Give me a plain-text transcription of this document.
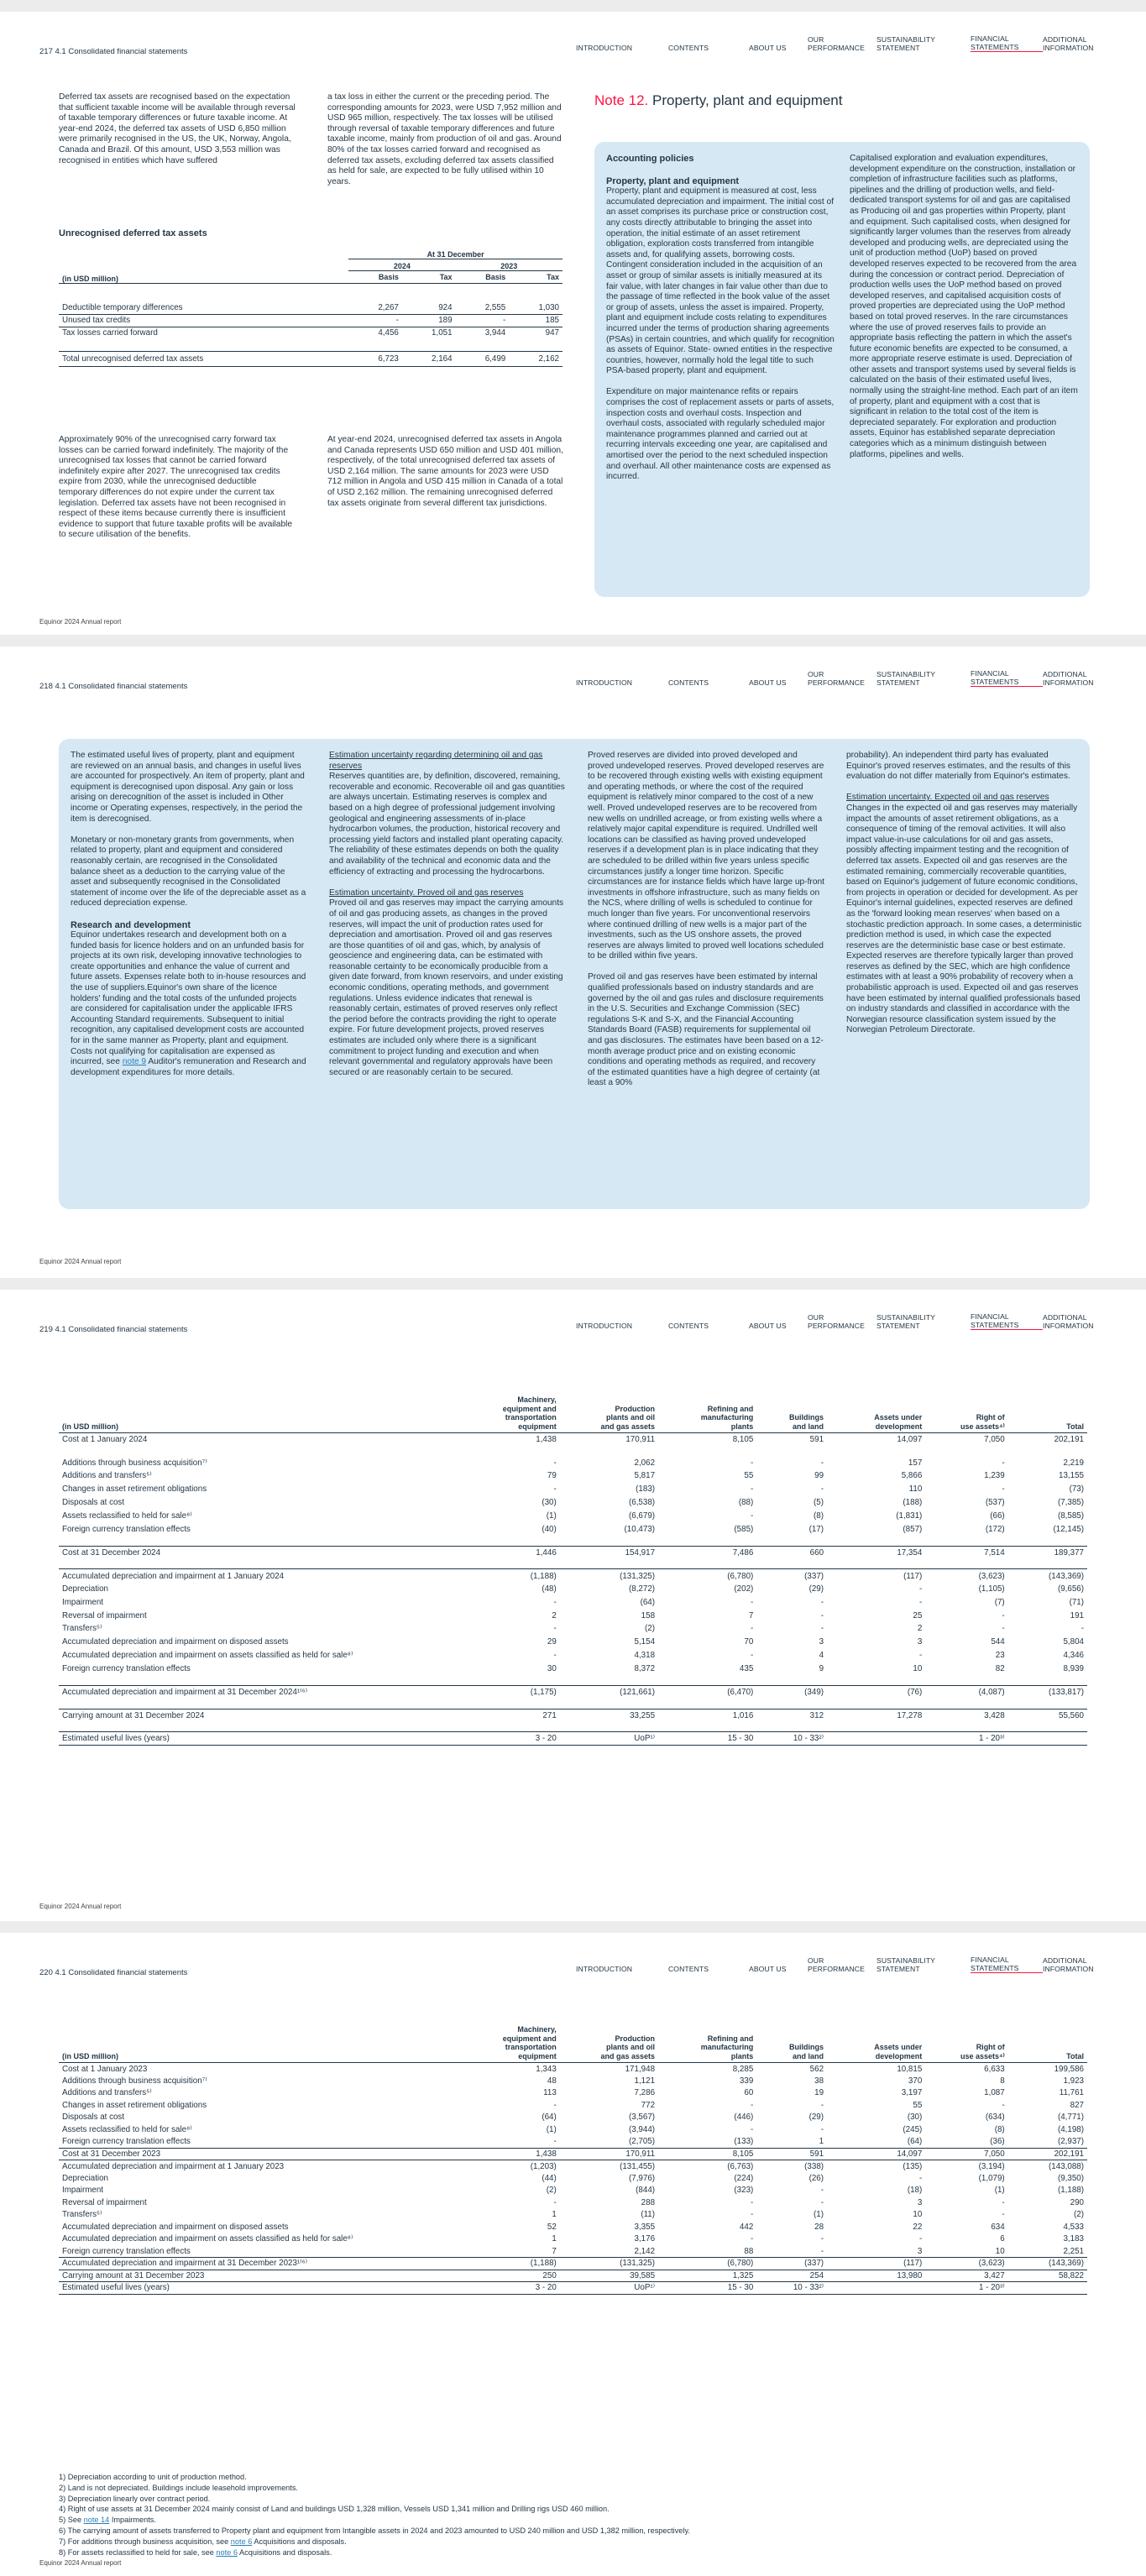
217 4.1 Consolidated financial statements	INTRODUCTION	CONTENTS	ABOUT US
OUR
PERFORMANCE
SUSTAINABILITY
STATEMENT
FINANCIAL
STATEMENTS
ADDITIONAL
INFORMATION
Deferred tax assets are recognised based on the expectation that sufficient taxable income will be available through reversal of taxable temporary differences or future taxable income. At year-end 2024, the deferred tax assets of USD 6,850 million were primarily recognised in the US, the UK, Norway, Angola, Canada and Brazil. Of this amount, USD 3,553 million was recognised in entities which have suffered
a tax loss in either the current or the preceding period. The corresponding amounts for 2023, were USD 7,952 million and USD 965 million, respectively. The tax losses will be utilised through reversal of taxable temporary differences and future taxable income, mainly from production of oil and gas. Around 80% of the tax losses carried forward and recognised as deferred tax assets, excluding deferred tax assets classified as held for sale, are expected to be fully utilised within 10 years.
Unrecognised deferred tax assets
	At 31 December			
	2024		2023	
(in USD million)	Basis	Tax	Basis	Tax

Deductible temporary differences	2,267	924	2,555	1,030
Unused tax credits	-	189	-	185
Tax losses carried forward	4,456	1,051	3,944	947

Total unrecognised deferred tax assets	6,723	2,164	6,499	2,162
Approximately 90% of the unrecognised carry forward tax losses can be carried forward indefinitely. The majority of the unrecognised tax losses that cannot be carried forward indefinitely expire after 2027. The unrecognised tax credits expire from 2030, while the unrecognised deductible temporary differences do not expire under the current tax legislation. Deferred tax assets have not been recognised in respect of these items because currently there is insufficient evidence to support that future taxable profits will be available to secure utilisation of the benefits.
At year-end 2024, unrecognised deferred tax assets in Angola and Canada represents USD 650 million and USD 401 million, respectively, of the total unrecognised deferred tax assets of USD 2,164 million. The same amounts for 2023 were USD 712 million in Angola and USD 415 million in Canada of a total of USD 2,162 million. The remaining unrecognised deferred tax assets originate from several different tax jurisdictions.
Note 12. Property, plant and equipment
Accounting policies
Property, plant and equipment

Property, plant and equipment is measured at cost, less accumulated depreciation and impairment. The initial cost of an asset comprises its purchase price or construction cost, any costs directly attributable to bringing the asset into operation, the initial estimate of an asset retirement obligation, exploration costs transferred from intangible assets and, for qualifying assets, borrowing costs. Contingent consideration included in the acquisition of an asset or group of similar assets is initially measured at its fair value, with later changes in fair value other than due to the passage of time reflected in the book value of the asset or group of assets, unless the asset is impaired. Property, plant and equipment include costs relating to expenditures incurred under the terms of production sharing agreements (PSAs) in certain countries, and which qualify for recognition as assets of Equinor. State- owned entities in the respective countries, however, normally hold the legal title to such PSA-based property, plant and equipment.

Expenditure on major maintenance refits or repairs comprises the cost of replacement assets or parts of assets, inspection costs and overhaul costs. Inspection and overhaul costs, associated with regularly scheduled major maintenance programmes planned and carried out at recurring intervals exceeding one year, are capitalised and amortised over the period to the next scheduled inspection and overhaul. All other maintenance costs are expensed as incurred.

Capitalised exploration and evaluation expenditures, development expenditure on the construction, installation or completion of infrastructure facilities such as platforms, pipelines and the drilling of production wells, and field-dedicated transport systems for oil and gas are capitalised as Producing oil and gas properties within Property, plant and equipment. Such capitalised costs, when designed for significantly larger volumes than the reserves from already developed and producing wells, are depreciated using the unit of production method (UoP) based on proved developed reserves expected to be recovered from the area during the concession or contract period. Depreciation of production wells uses the UoP method based on proved developed reserves, and capitalised acquisition costs of proved properties are depreciated using the UoP method based on total proved reserves. In the rare circumstances where the use of proved reserves fails to provide an appropriate basis reflecting the pattern in which the asset's future economic benefits are expected to be consumed, a more appropriate reserve estimate is used. Depreciation of other assets and transport systems used by several fields is calculated on the basis of their estimated useful lives, normally using the straight-line method. Each part of an item of property, plant and equipment with a cost that is significant in relation to the total cost of the item is depreciated separately. For exploration and production assets, Equinor has established separate depreciation categories which as a minimum distinguish between platforms, pipelines and wells.

Equinor 2024 Annual report
218 4.1 Consolidated financial statements	INTRODUCTION	CONTENTS	ABOUT US
OUR
PERFORMANCE
SUSTAINABILITY
STATEMENT
FINANCIAL
STATEMENTS
ADDITIONAL
INFORMATION

The estimated useful lives of property, plant and equipment are reviewed on an annual basis, and changes in useful lives are accounted for prospectively. An item of property, plant and equipment is derecognised upon disposal. Any gain or loss arising on derecognition of the asset is included in Other income or Operating expenses, respectively, in the period the item is derecognised.

Monetary or non-monetary grants from governments, when related to property, plant and equipment and considered reasonably certain, are recognised in the Consolidated balance sheet as a deduction to the carrying value of the asset and subsequently recognised in the Consolidated statement of income over the life of the depreciable asset as a reduced depreciation expense.

Research and development

Equinor undertakes research and development both on a funded basis for licence holders and on an unfunded basis for projects at its own risk, developing innovative technologies to create opportunities and enhance the value of current and future assets. Expenses relate both to in-house resources and the use of suppliers.Equinor's own share of the licence holders' funding and the total costs of the unfunded projects are considered for capitalisation under the applicable IFRS Accounting Standard requirements. Subsequent to initial recognition, any capitalised development costs are accounted for in the same manner as Property, plant and equipment. Costs not qualifying for capitalisation are expensed as incurred, see note 9 Auditor's remuneration and Research and development expenditures for more details.

Estimation uncertainty regarding determining oil and gas reserves

Reserves quantities are, by definition, discovered, remaining, recoverable and economic. Recoverable oil and gas quantities are always uncertain. Estimating reserves is complex and based on a high degree of professional judgement involving geological and engineering assessments of in-place hydrocarbon volumes, the production, historical recovery and processing yield factors and installed plant operating capacity. The reliability of these estimates depends on both the quality and availability of the technical and economic data and the efficiency of extracting and processing the hydrocarbons.

Estimation uncertainty. Proved oil and gas reserves

Proved oil and gas reserves may impact the carrying amounts of oil and gas producing assets, as changes in the proved reserves, will impact the unit of production rates used for depreciation and amortisation. Proved oil and gas reserves are those quantities of oil and gas, which, by analysis of geoscience and engineering data, can be estimated with reasonable certainty to be economically producible from a given date forward, from known reservoirs, and under existing economic conditions, operating methods, and government regulations. Unless evidence indicates that renewal is reasonably certain, estimates of proved reserves only reflect the period before the contracts providing the right to operate expire. For future development projects, proved reserves estimates are included only where there is a significant commitment to project funding and execution and when relevant governmental and regulatory approvals have been secured or are reasonably certain to be secured.

Proved reserves are divided into proved developed and proved undeveloped reserves. Proved developed reserves are to be recovered through existing wells with existing equipment and operating methods, or where the cost of the required equipment is relatively minor compared to the cost of a new well. Proved undeveloped reserves are to be recovered from new wells on undrilled acreage, or from existing wells where a relatively major capital expenditure is required. Undrilled well locations can be classified as having proved undeveloped reserves if a development plan is in place indicating that they are scheduled to be drilled within five years unless specific circumstances justify a longer time horizon. Specific circumstances are for instance fields which have large up-front investments in offshore infrastructure, such as many fields on the NCS, where drilling of wells is scheduled to continue for much longer than five years. For unconventional reservoirs where continued drilling of new wells is a major part of the investments, such as the US onshore assets, the proved reserves are always limited to proved well locations scheduled to be drilled within five years.

Proved oil and gas reserves have been estimated by internal qualified professionals based on industry standards and are governed by the oil and gas rules and disclosure requirements in the U.S. Securities and Exchange Commission (SEC) regulations S-K and S-X, and the Financial Accounting Standards Board (FASB) requirements for supplemental oil and gas disclosures. The estimates have been based on a 12-month average product price and on existing economic conditions and operating methods as required, and recovery of the estimated quantities have a high degree of certainty (at least a 90%

probability). An independent third party has evaluated Equinor's proved reserves estimates, and the results of this evaluation do not differ materially from Equinor's estimates.

Estimation uncertainty. Expected oil and gas reserves

Changes in the expected oil and gas reserves may materially impact the amounts of asset retirement obligations, as a consequence of timing of the removal activities. It will also impact value-in-use calculations for oil and gas assets, possibly affecting impairment testing and the recognition of deferred tax assets. Expected oil and gas reserves are the estimated remaining, commercially recoverable quantities, based on Equinor's judgement of future economic conditions, from projects in operation or decided for development. As per Equinor's internal guidelines, expected reserves are defined as the 'forward looking mean reserves' when based on a stochastic prediction approach. In some cases, a deterministic prediction method is used, in which case the expected reserves are the deterministic base case or best estimate. Expected reserves are therefore typically larger than proved reserves as defined by the SEC, which are high confidence estimates with at least a 90% probability of recovery when a probabilistic approach is used. Expected oil and gas reserves have been estimated by internal qualified professionals based on industry standards and classified in accordance with the Norwegian resource classification system issued by the Norwegian Petroleum Directorate.

Equinor 2024 Annual report
219 4.1 Consolidated financial statements	INTRODUCTION	CONTENTS	ABOUT US
OUR
PERFORMANCE
SUSTAINABILITY
STATEMENT
FINANCIAL
STATEMENTS
ADDITIONAL
INFORMATION
(in USD million)	Machinery,
equipment and
transportation
equipment	Production
plants and oil
and gas assets	Refining and
manufacturing
plants	Buildings
and land	Assets under
development	Right of
use assets⁴⁾	Total
Cost at 1 January 2024	1,438	170,911	8,105	591	14,097	7,050	202,191

Additions through business acquisition⁷⁾	-	2,062	-	-	157	-	2,219
Additions and transfers⁵⁾	79	5,817	55	99	5,866	1,239	13,155
Changes in asset retirement obligations	-	(183)	-	-	110	-	(73)
Disposals at cost	(30)	(6,538)	(88)	(5)	(188)	(537)	(7,385)
Assets reclassified to held for sale⁸⁾	(1)	(6,679)	-	(8)	(1,831)	(66)	(8,585)
Foreign currency translation effects	(40)	(10,473)	(585)	(17)	(857)	(172)	(12,145)

Cost at 31 December 2024	1,446	154,917	7,486	660	17,354	7,514	189,377

Accumulated depreciation and impairment at 1 January 2024	(1,188)	(131,325)	(6,780)	(337)	(117)	(3,623)	(143,369)
Depreciation	(48)	(8,272)	(202)	(29)	-	(1,105)	(9,656)
Impairment	-	(64)	-	-	-	(7)	(71)
Reversal of impairment	2	158	7	-	25	-	191
Transfers⁵⁾	-	(2)	-	-	2	-	-
Accumulated depreciation and impairment on disposed assets	29	5,154	70	3	3	544	5,804
Accumulated depreciation and impairment on assets classified as held for sale⁸⁾	-	4,318	-	4	-	23	4,346
Foreign currency translation effects	30	8,372	435	9	10	82	8,939

Accumulated depreciation and impairment at 31 December 2024¹⁾⁶⁾	(1,175)	(121,661)	(6,470)	(349)	(76)	(4,087)	(133,817)

Carrying amount at 31 December 2024	271	33,255	1,016	312	17,278	3,428	55,560

Estimated useful lives (years)	3 - 20	UoP¹⁾	15 - 30	10 - 33²⁾		1 - 20³⁾	
Equinor 2024 Annual report
220 4.1 Consolidated financial statements	INTRODUCTION	CONTENTS	ABOUT US
OUR
PERFORMANCE
SUSTAINABILITY
STATEMENT
FINANCIAL
STATEMENTS
ADDITIONAL
INFORMATION
(in USD million)	Machinery,
equipment and
transportation
equipment	Production
plants and oil
and gas assets	Refining and
manufacturing
plants	Buildings
and land	Assets under
development	Right of
use assets⁴⁾	Total
Cost at 1 January 2023	1,343	171,948	8,285	562	10,815	6,633	199,586
Additions through business acquisition⁷⁾	48	1,121	339	38	370	8	1,923
Additions and transfers⁵⁾	113	7,286	60	19	3,197	1,087	11,761
Changes in asset retirement obligations	-	772	-	-	55	-	827
Disposals at cost	(64)	(3,567)	(446)	(29)	(30)	(634)	(4,771)
Assets reclassified to held for sale⁸⁾	(1)	(3,944)	-	-	(245)	(8)	(4,198)
Foreign currency translation effects	-	(2,705)	(133)	1	(64)	(36)	(2,937)
Cost at 31 December 2023	1,438	170,911	8,105	591	14,097	7,050	202,191
Accumulated depreciation and impairment at 1 January 2023	(1,203)	(131,455)	(6,763)	(338)	(135)	(3,194)	(143,088)
Depreciation	(44)	(7,976)	(224)	(26)	-	(1,079)	(9,350)
Impairment	(2)	(844)	(323)	-	(18)	(1)	(1,188)
Reversal of impairment	-	288	-	-	3	-	290
Transfers⁵⁾	1	(11)	-	(1)	10	-	(2)
Accumulated depreciation and impairment on disposed assets	52	3,355	442	28	22	634	4,533
Accumulated depreciation and impairment on assets classified as held for sale⁸⁾	1	3,176	-	-	-	6	3,183
Foreign currency translation effects	7	2,142	88	-	3	10	2,251
Accumulated depreciation and impairment at 31 December 2023¹⁾⁶⁾	(1,188)	(131,325)	(6,780)	(337)	(117)	(3,623)	(143,369)
Carrying amount at 31 December 2023	250	39,585	1,325	254	13,980	3,427	58,822
Estimated useful lives (years)	3 - 20	UoP¹⁾	15 - 30	10 - 33²⁾		1 - 20³⁾	
1) Depreciation according to unit of production method.
2) Land is not depreciated. Buildings include leasehold improvements.
3) Depreciation linearly over contract period.
4) Right of use assets at 31 December 2024 mainly consist of Land and buildings USD 1,328 million, Vessels USD 1,341 million and Drilling rigs USD 460 million.
5) See note 14 Impairments.
6) The carrying amount of assets transferred to Property plant and equipment from Intangible assets in 2024 and 2023 amounted to USD 240 million and USD 1,382 million, respectively.
7) For additions through business acquisition, see note 6 Acquisitions and disposals.
8) For assets reclassified to held for sale, see note 6 Acquisitions and disposals.
Equinor 2024 Annual report
